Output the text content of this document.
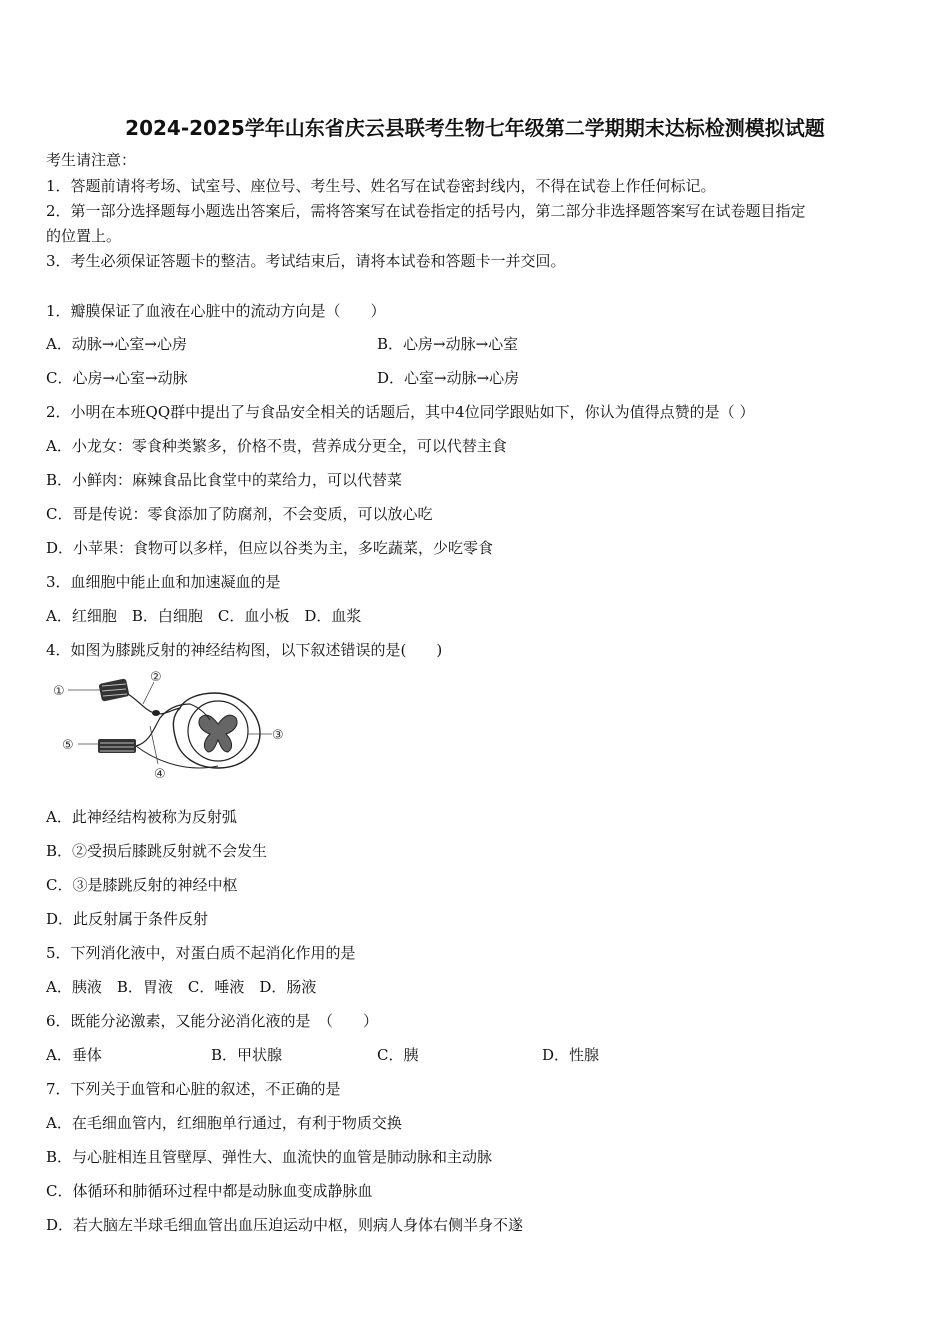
2024-2025学年山东省庆云县联考生物七年级第二学期期末达标检测模拟试题
考生请注意：
1．答题前请将考场、试室号、座位号、考生号、姓名写在试卷密封线内，不得在试卷上作任何标记。
2．第一部分选择题每小题选出答案后，需将答案写在试卷指定的括号内，第二部分非选择题答案写在试卷题目指定
的位置上。
3．考生必须保证答题卡的整洁。考试结束后，请将本试卷和答题卡一并交回。
1．瓣膜保证了血液在心脏中的流动方向是（　　）
A．动脉→心室→心房	B．心房→动脉→心室
C．心房→心室→动脉	D．心室→动脉→心房
2．小明在本班QQ群中提出了与食品安全相关的话题后，其中4位同学跟贴如下，你认为值得点赞的是（ ）
A．小龙女：零食种类繁多，价格不贵，营养成分更全，可以代替主食
B．小鲜肉：麻辣食品比食堂中的菜给力，可以代替菜
C．哥是传说：零食添加了防腐剂，不会变质，可以放心吃
D．小苹果：食物可以多样，但应以谷类为主，多吃蔬菜，少吃零食
3．血细胞中能止血和加速凝血的是
A．红细胞　B．白细胞　C．血小板　D．血浆
4．如图为膝跳反射的神经结构图，以下叙述错误的是(　　)
①
②
③
④
⑤
A．此神经结构被称为反射弧
B．②受损后膝跳反射就不会发生
C．③是膝跳反射的神经中枢
D．此反射属于条件反射
5．下列消化液中，对蛋白质不起消化作用的是
A．胰液　B．胃液　C．唾液　D．肠液
6．既能分泌激素，又能分泌消化液的是　（　　）
A．垂体	B．甲状腺	C．胰	D．性腺
7．下列关于血管和心脏的叙述，不正确的是
A．在毛细血管内，红细胞单行通过，有利于物质交换
B．与心脏相连且管壁厚、弹性大、血流快的血管是肺动脉和主动脉
C．体循环和肺循环过程中都是动脉血变成静脉血
D．若大脑左半球毛细血管出血压迫运动中枢，则病人身体右侧半身不遂
